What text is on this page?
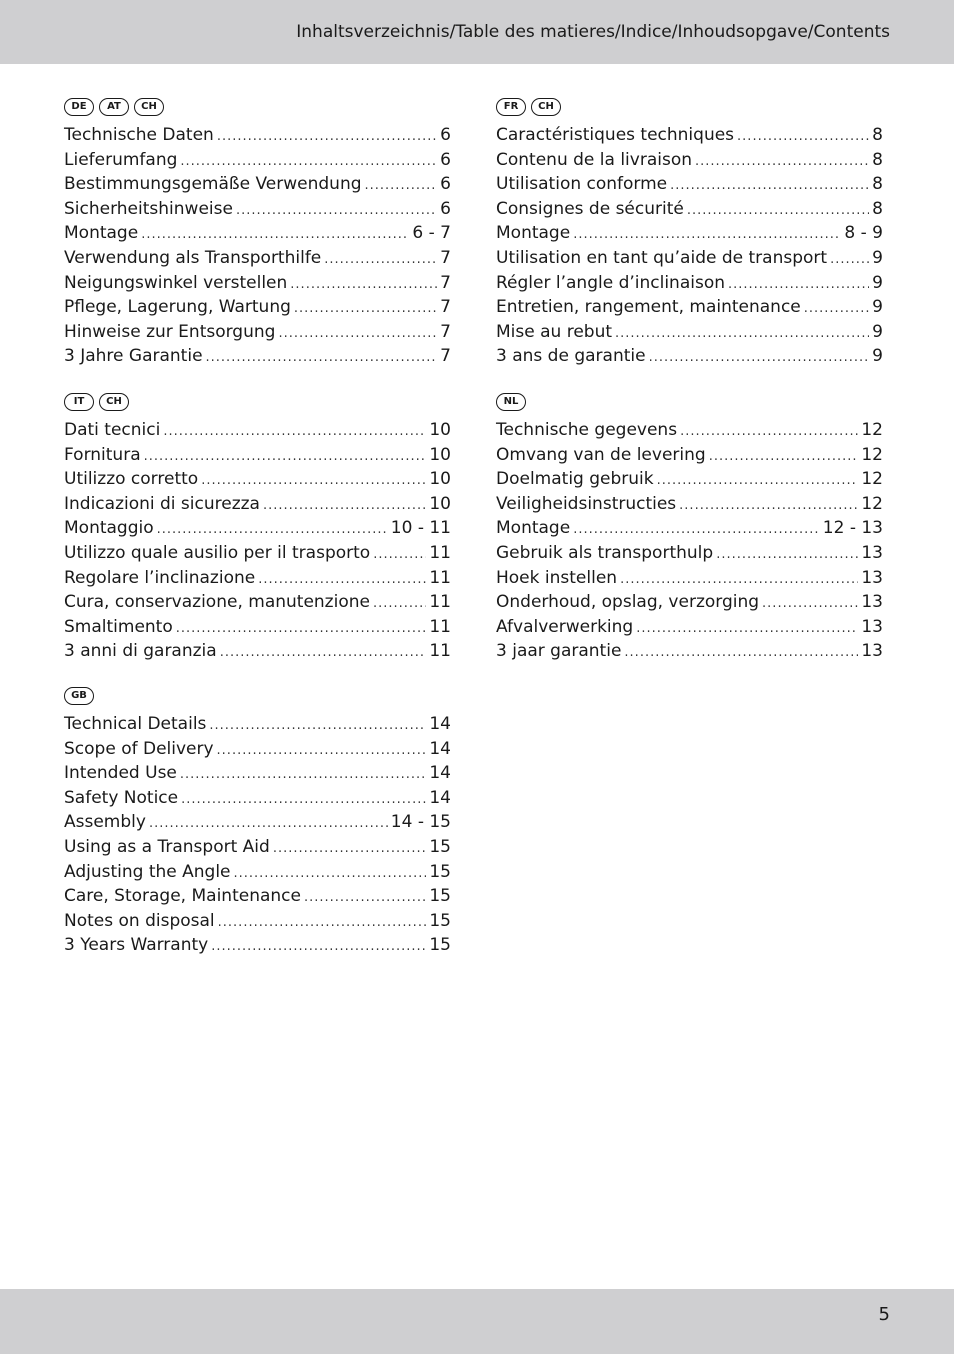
Inhaltsverzeichnis/Table des matieres/Indice/Inhoudsopgave/Contents
DE	AT	CH
Technische Daten .....	6
Lieferumfang .....	6
Bestimmungsgemäße Verwendung .....	6
Sicherheitshinweise .....	6
Montage .....	6 - 7
Verwendung als Transporthilfe .....	7
Neigungswinkel verstellen .....	7
Pflege, Lagerung, Wartung .....	7
Hinweise zur Entsorgung .....	7
3 Jahre Garantie .....	7
FR	CH
Caractéristiques techniques .....	8
Contenu de la livraison .....	8
Utilisation conforme .....	8
Consignes de sécurité .....	8
Montage .....	8 - 9
Utilisation en tant qu’aide de transport .....	9
Régler l’angle d’inclinaison .....	9
Entretien, rangement, maintenance .....	9
Mise au rebut .....	9
3 ans de garantie .....	9
IT	CH
Dati tecnici .....	10
Fornitura .....	10
Utilizzo corretto .....	10
Indicazioni di sicurezza .....	10
Montaggio .....	10 - 11
Utilizzo quale ausilio per il trasporto .....	11
Regolare l’inclinazione .....	11
Cura, conservazione, manutenzione .....	11
Smaltimento .....	11
3 anni di garanzia .....	11
NL
Technische gegevens .....	12
Omvang van de levering .....	12
Doelmatig gebruik .....	12
Veiligheidsinstructies .....	12
Montage .....	12 - 13
Gebruik als transporthulp .....	13
Hoek instellen .....	13
Onderhoud, opslag, verzorging .....	13
Afvalverwerking .....	13
3 jaar garantie .....	13
GB
Technical Details .....	14
Scope of Delivery .....	14
Intended Use .....	14
Safety Notice .....	14
Assembly .....	14 - 15
Using as a Transport Aid .....	15
Adjusting the Angle .....	15
Care, Storage, Maintenance .....	15
Notes on disposal .....	15
3 Years Warranty .....	15
5
